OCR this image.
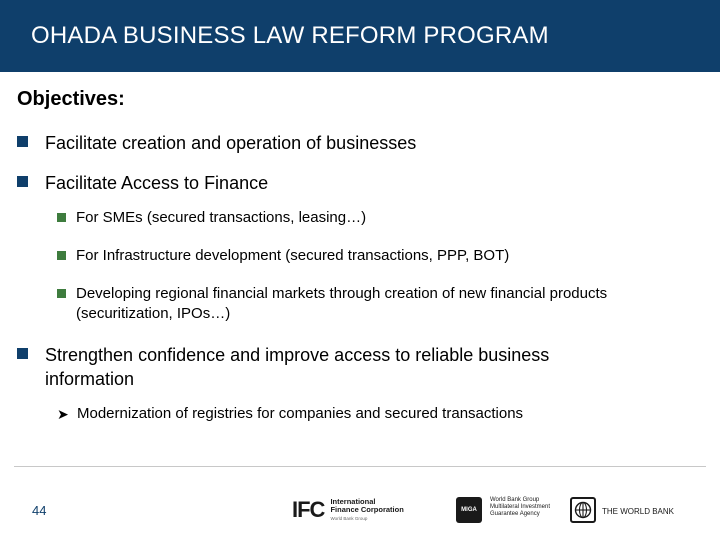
OHADA BUSINESS LAW REFORM PROGRAM
Objectives:
Facilitate creation and operation of businesses
Facilitate Access to Finance
For SMEs (secured transactions, leasing…)
For Infrastructure development (secured transactions, PPP, BOT)
Developing regional financial markets through creation of new financial products (securitization, IPOs…)
Strengthen confidence and improve access to reliable business information
➤ Modernization of registries for companies and secured transactions
44	IFC International
Finance Corporation
World Bank Group
MIGA
World Bank Group
Multilateral Investment
Guarantee Agency	THE WORLD BANK
